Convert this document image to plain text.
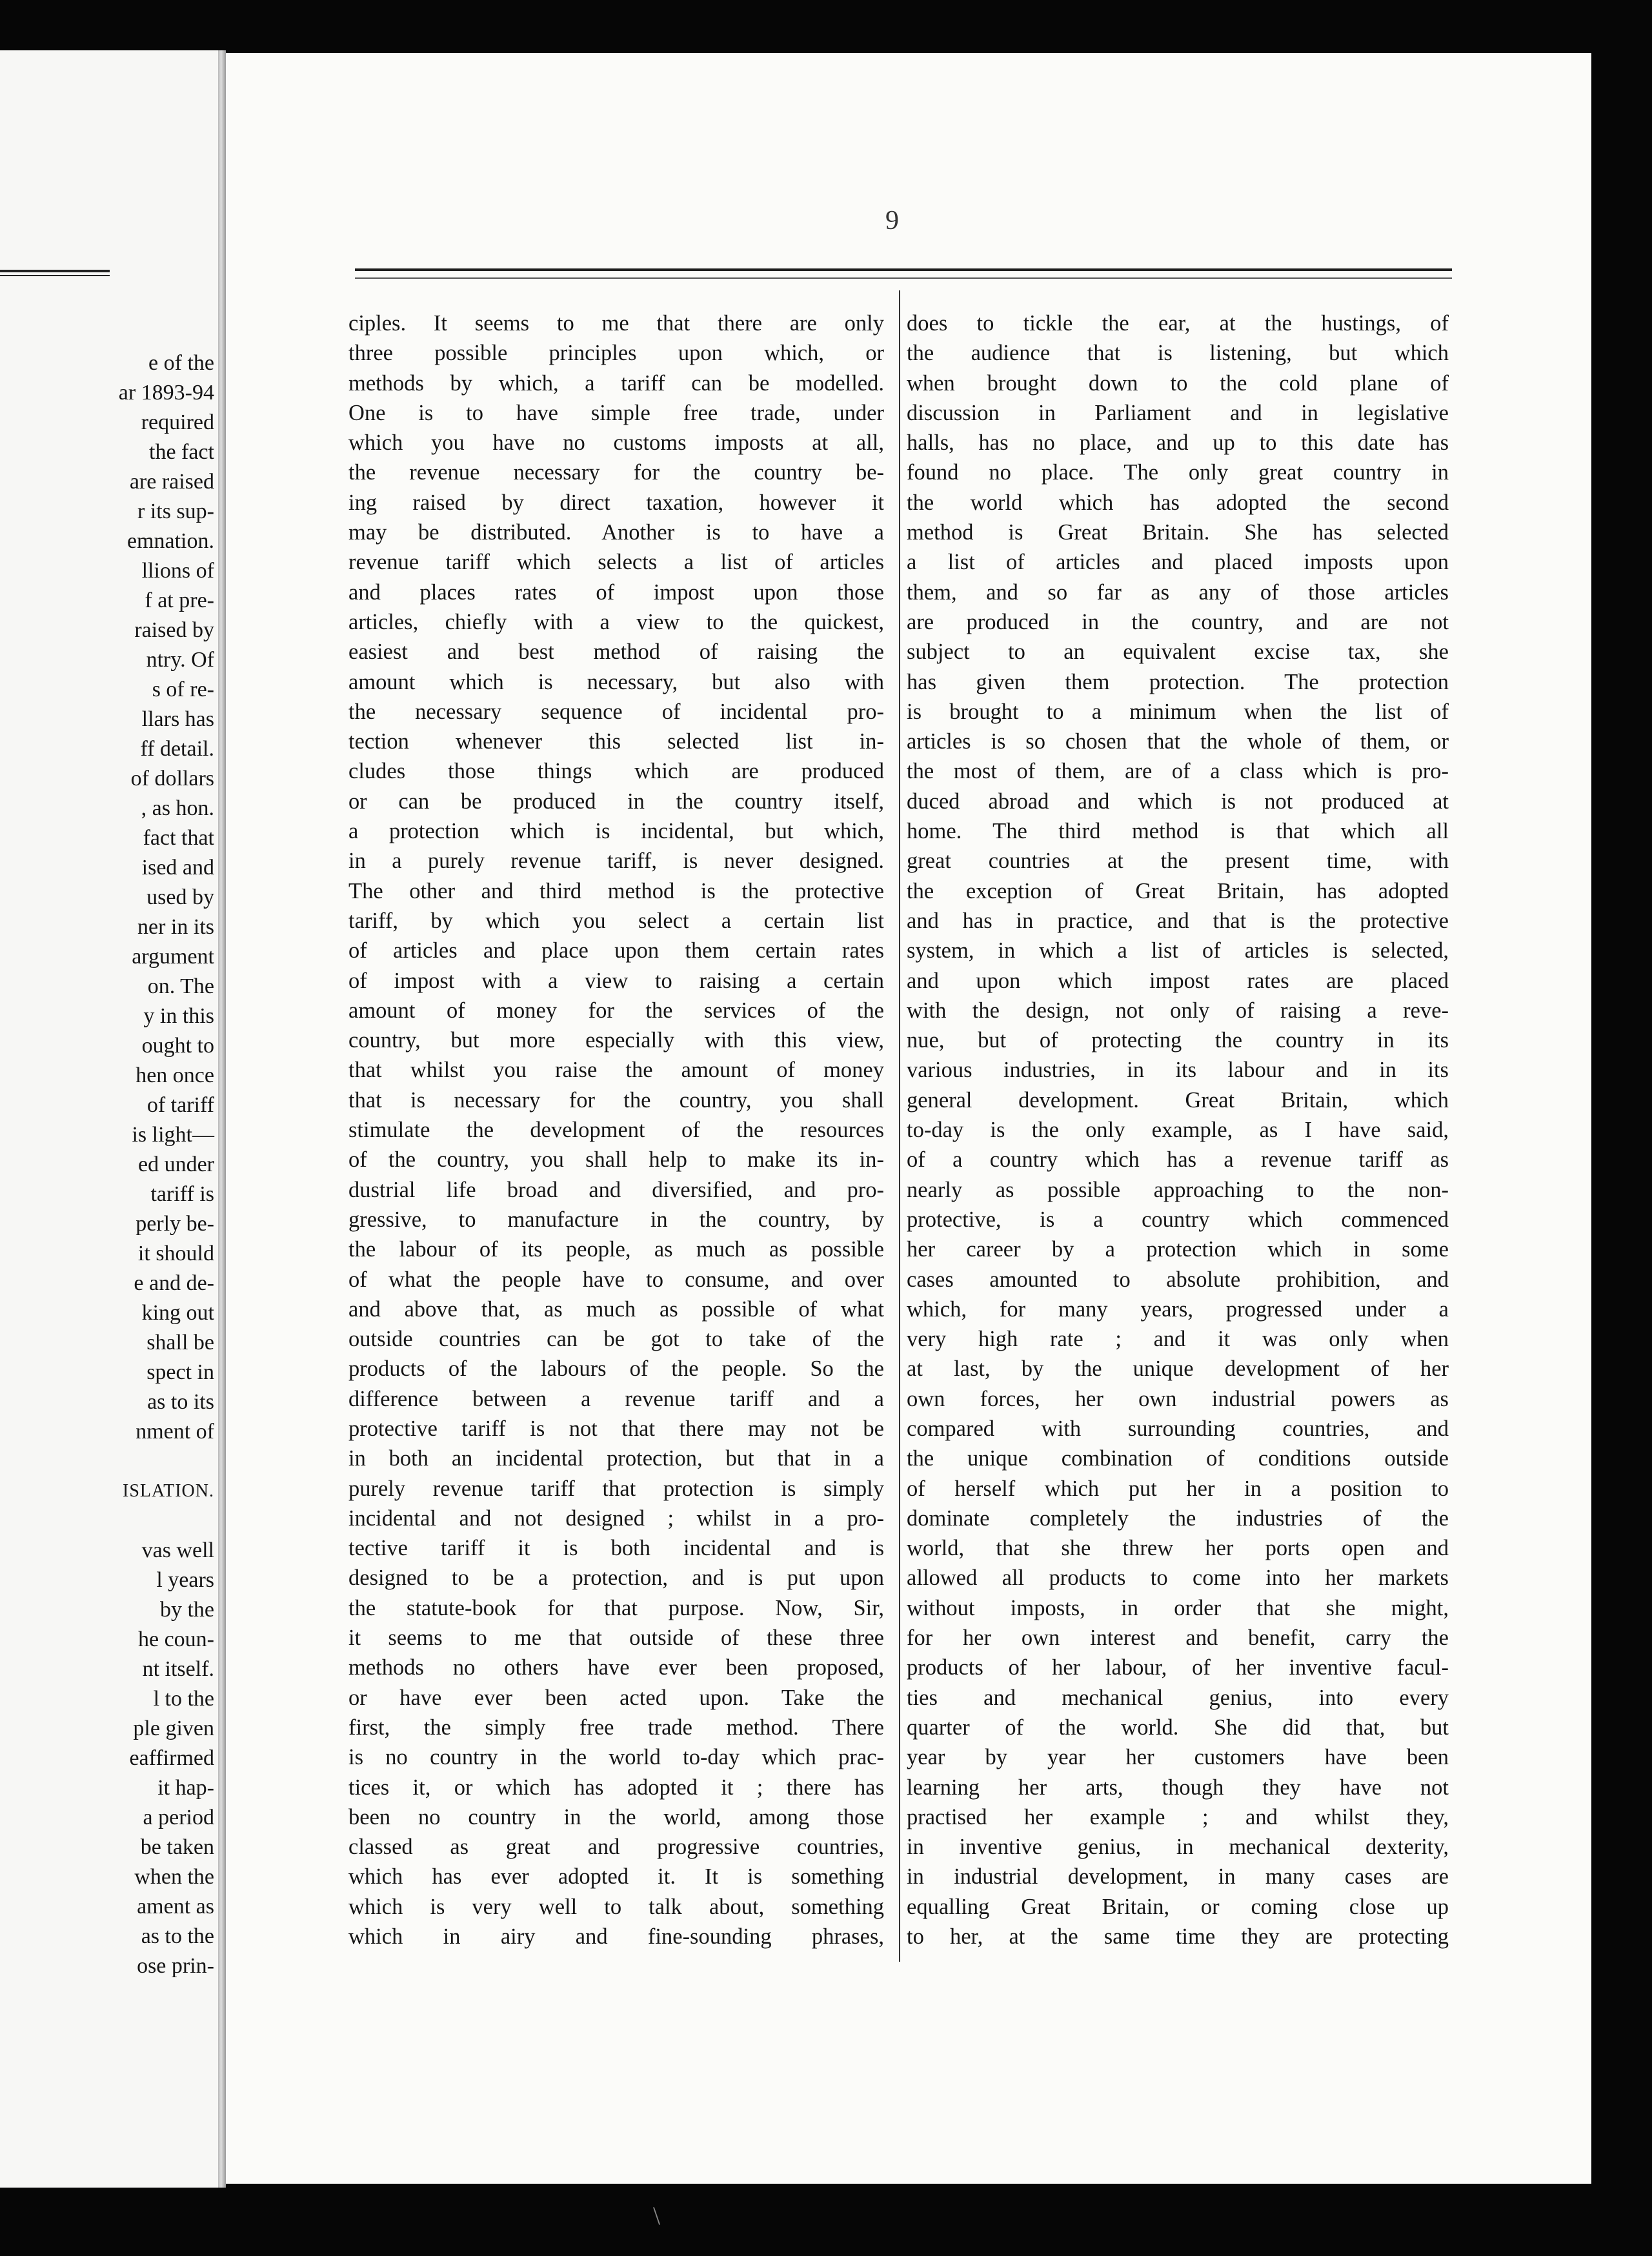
e of the
ar 1893-94
required
the fact
are raised
r its sup-
emnation.
llions of
f at pre-
raised by
ntry. Of
s of re-
llars has
ff detail.
of dollars
, as hon.
fact that
ised and
used by
ner in its
argument
on. The
y in this
ought to
hen once
of tariff
is light—
ed under
tariff is
perly be-
it should
e and de-
king out
shall be
spect in
as to its
nment of
ISLATION.
vas well
l years
by the
he coun-
nt itself.
l to the
ple given
eaffirmed
it hap-
a period
be taken
when the
ament as
as to the
ose prin-
9
ciples. It seems to me that there are only
three possible principles upon which, or
methods by which, a tariff can be modelled.
One is to have simple free trade, under
which you have no customs imposts at all,
the revenue necessary for the country be-
ing raised by direct taxation, however it
may be distributed. Another is to have a
revenue tariff which selects a list of articles
and places rates of impost upon those
articles, chiefly with a view to the quickest,
easiest and best method of raising the
amount which is necessary, but also with
the necessary sequence of incidental pro-
tection whenever this selected list in-
cludes those things which are produced
or can be produced in the country itself,
a protection which is incidental, but which,
in a purely revenue tariff, is never designed.
The other and third method is the protective
tariff, by which you select a certain list
of articles and place upon them certain rates
of impost with a view to raising a certain
amount of money for the services of the
country, but more especially with this view,
that whilst you raise the amount of money
that is necessary for the country, you shall
stimulate the development of the resources
of the country, you shall help to make its in-
dustrial life broad and diversified, and pro-
gressive, to manufacture in the country, by
the labour of its people, as much as possible
of what the people have to consume, and over
and above that, as much as possible of what
outside countries can be got to take of the
products of the labours of the people. So the
difference between a revenue tariff and a
protective tariff is not that there may not be
in both an incidental protection, but that in a
purely revenue tariff that protection is simply
incidental and not designed ; whilst in a pro-
tective tariff it is both incidental and is
designed to be a protection, and is put upon
the statute-book for that purpose. Now, Sir,
it seems to me that outside of these three
methods no others have ever been proposed,
or have ever been acted upon. Take the
first, the simply free trade method. There
is no country in the world to-day which prac-
tices it, or which has adopted it ; there has
been no country in the world, among those
classed as great and progressive countries,
which has ever adopted it. It is something
which is very well to talk about, something
which in airy and fine-sounding phrases,
does to tickle the ear, at the hustings, of
the audience that is listening, but which
when brought down to the cold plane of
discussion in Parliament and in legislative
halls, has no place, and up to this date has
found no place. The only great country in
the world which has adopted the second
method is Great Britain. She has selected
a list of articles and placed imposts upon
them, and so far as any of those articles
are produced in the country, and are not
subject to an equivalent excise tax, she
has given them protection. The protection
is brought to a minimum when the list of
articles is so chosen that the whole of them, or
the most of them, are of a class which is pro-
duced abroad and which is not produced at
home. The third method is that which all
great countries at the present time, with
the exception of Great Britain, has adopted
and has in practice, and that is the protective
system, in which a list of articles is selected,
and upon which impost rates are placed
with the design, not only of raising a reve-
nue, but of protecting the country in its
various industries, in its labour and in its
general development. Great Britain, which
to-day is the only example, as I have said,
of a country which has a revenue tariff as
nearly as possible approaching to the non-
protective, is a country which commenced
her career by a protection which in some
cases amounted to absolute prohibition, and
which, for many years, progressed under a
very high rate ; and it was only when
at last, by the unique development of her
own forces, her own industrial powers as
compared with surrounding countries, and
the unique combination of conditions outside
of herself which put her in a position to
dominate completely the industries of the
world, that she threw her ports open and
allowed all products to come into her markets
without imposts, in order that she might,
for her own interest and benefit, carry the
products of her labour, of her inventive facul-
ties and mechanical genius, into every
quarter of the world. She did that, but
year by year her customers have been
learning her arts, though they have not
practised her example ; and whilst they,
in inventive genius, in mechanical dexterity,
in industrial development, in many cases are
equalling Great Britain, or coming close up
to her, at the same time they are protecting
\
